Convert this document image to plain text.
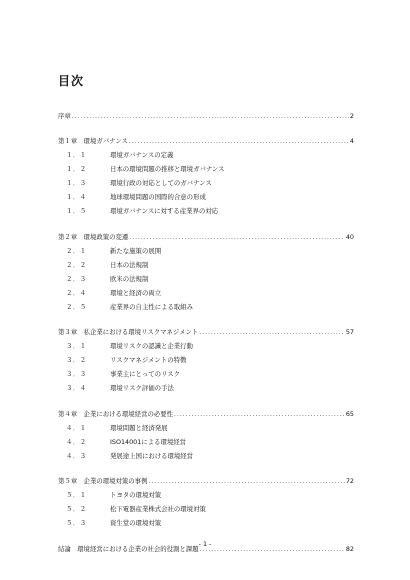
目次
序章 .....	2
第１章　環境ガバナンス .....	4
１．１	環境ガバナンスの定義
１．２	日本の環境問題の推移と環境ガバナンス
１．３	環境行政の対応としてのガバナンス
１．４	地球環境問題の国際的合意の形成
１．５	環境ガバナンスに対する産業界の対応
第２章　環境政策の変遷 .....	40
２．１	新たな施策の展開
２．２	日本の法規制
２．３	欧米の法規制
２．４	環境と経済の両立
２．５	産業界の自主性による取組み
第３章　私企業における環境リスクマネジメント .....	57
３．１	環境リスクの認識と企業行動
３．２	リスクマネジメントの特徴
３．３	事業主にとってのリスク
３．４	環境リスク評価の手法
第４章　企業における環境経営の必要性 .....	65
４．１	環境問題と経済発展
４．２	ISO14001による環境経営
４．３	発展途上国における環境経営
第５章　企業の環境対策の事例 .....	72
５．１	トヨタの環境対策
５．２	松下電器産業株式会社の環境対策
５．３	資生堂の環境対策
結論　環境経営における企業の社会的役割と課題 .....	82
- 1 -
